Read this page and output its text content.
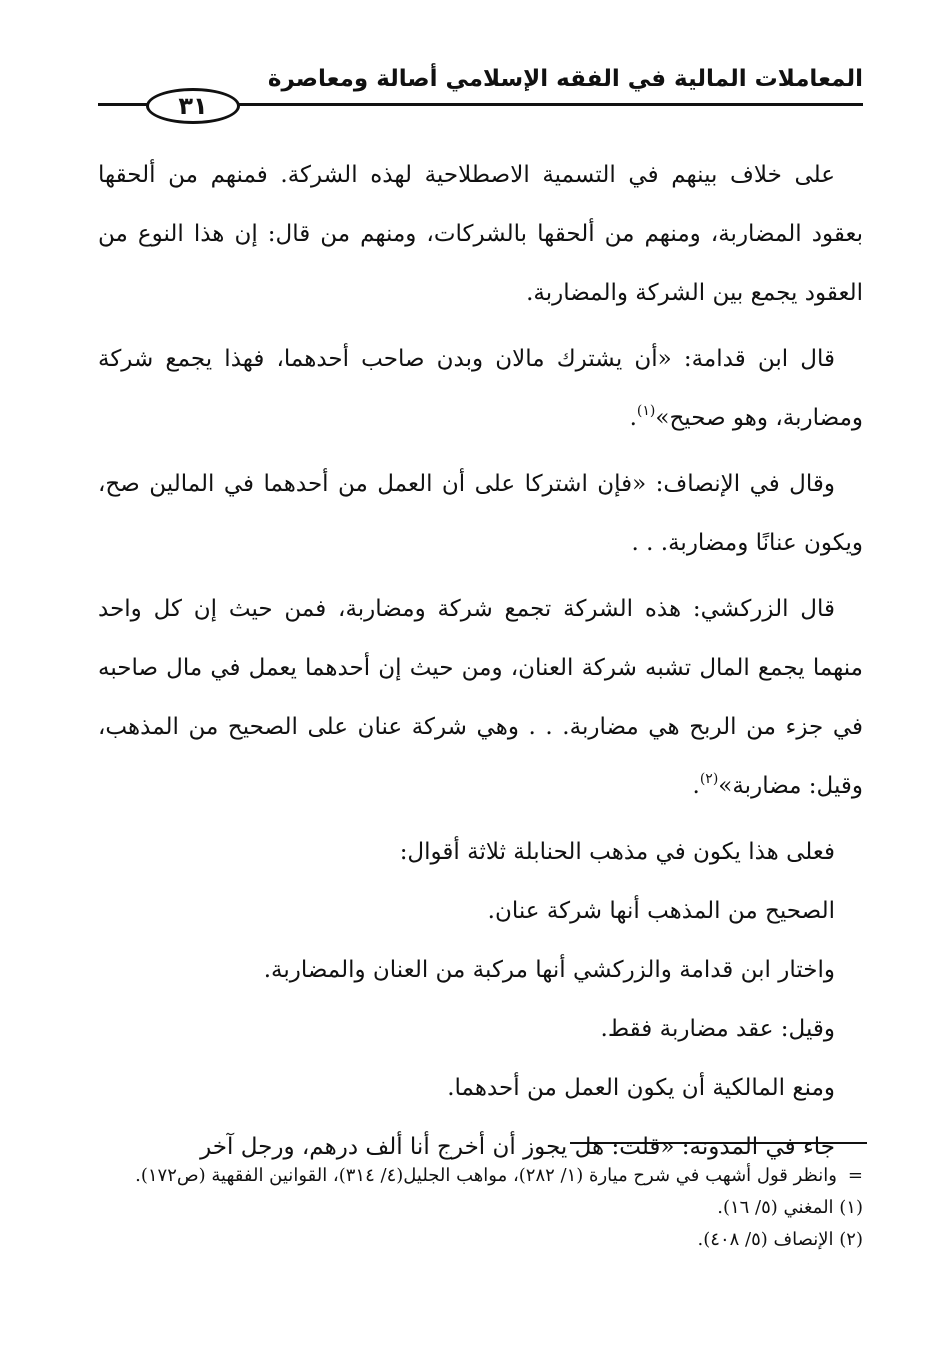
المعاملات المالية في الفقه الإسلامي أصالة ومعاصرة
٣١

على خلاف بينهم في التسمية الاصطلاحية لهذه الشركة. فمنهم من ألحقها بعقود المضاربة، ومنهم من ألحقها بالشركات، ومنهم من قال: إن هذا النوع من العقود يجمع بين الشركة والمضاربة.

قال ابن قدامة: «أن يشترك مالان وبدن صاحب أحدهما، فهذا يجمع شركة ومضاربة، وهو صحيح»$^{(١)}$.

وقال في الإنصاف: «فإن اشتركا على أن العمل من أحدهما في المالين صح، ويكون عنانًا ومضاربة. . .

قال الزركشي: هذه الشركة تجمع شركة ومضاربة، فمن حيث إن كل واحد منهما يجمع المال تشبه شركة العنان، ومن حيث إن أحدهما يعمل في مال صاحبه في جزء من الربح هي مضاربة. . . وهي شركة عنان على الصحيح من المذهب، وقيل: مضاربة»$^{(٢)}$.

فعلى هذا يكون في مذهب الحنابلة ثلاثة أقوال:

الصحيح من المذهب أنها شركة عنان.

واختار ابن قدامة والزركشي أنها مركبة من العنان والمضاربة.

وقيل: عقد مضاربة فقط.

ومنع المالكية أن يكون العمل من أحدهما.

جاء في المدونة: «قلت: هل يجوز أن أخرج أنا ألف درهم، ورجل آخر

=وانظر قول أشهب في شرح ميارة (١/ ٢٨٢)، مواهب الجليل(٤/ ٣١٤)، القوانين الفقهية (ص١٧٢).

(١) المغني (٥/ ١٦).

(٢) الإنصاف (٥/ ٤٠٨).
